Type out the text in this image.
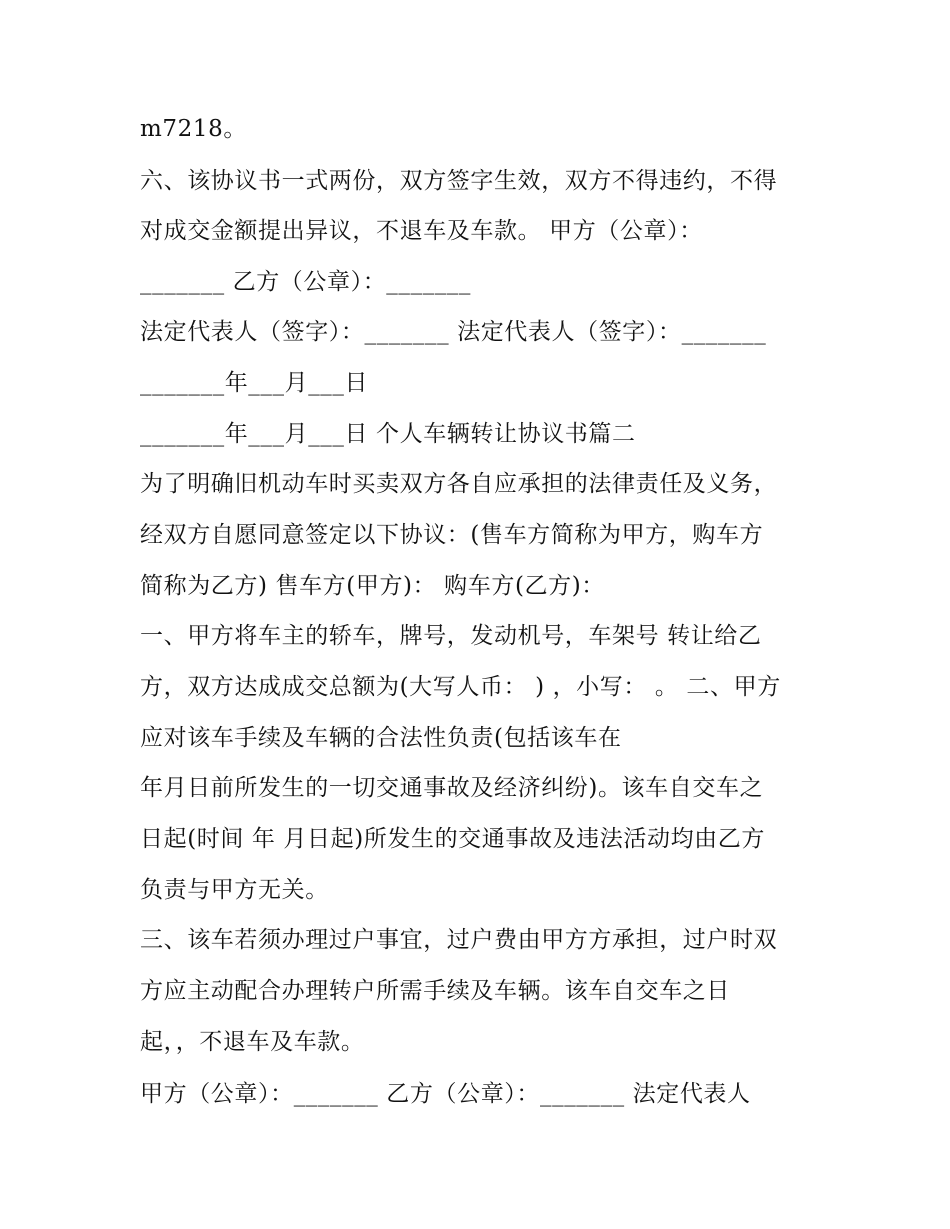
m7218。
六、该协议书一式两份，双方签字生效，双方不得违约，不得
对成交金额提出异议，不退车及车款。 甲方（公章）：
_______ 乙方（公章）：_______
法定代表人（签字）：_______ 法定代表人（签字）：_______
_______年___月___日
_______年___月___日 个人车辆转让协议书篇二
为了明确旧机动车时买卖双方各自应承担的法律责任及义务，
经双方自愿同意签定以下协议：(售车方简称为甲方，购车方
简称为乙方) 售车方(甲方)： 购车方(乙方)：
一、甲方将车主的轿车，牌号，发动机号，车架号 转让给乙
方，双方达成成交总额为(大写人币： ) ，小写： 。 二、甲方
应对该车手续及车辆的合法性负责(包括该车在
年月日前所发生的一切交通事故及经济纠纷)。该车自交车之
日起(时间 年 月日起)所发生的交通事故及违法活动均由乙方
负责与甲方无关。
三、该车若须办理过户事宜，过户费由甲方方承担，过户时双
方应主动配合办理转户所需手续及车辆。该车自交车之日
起，，不退车及车款。
甲方（公章）：_______ 乙方（公章）：_______ 法定代表人
